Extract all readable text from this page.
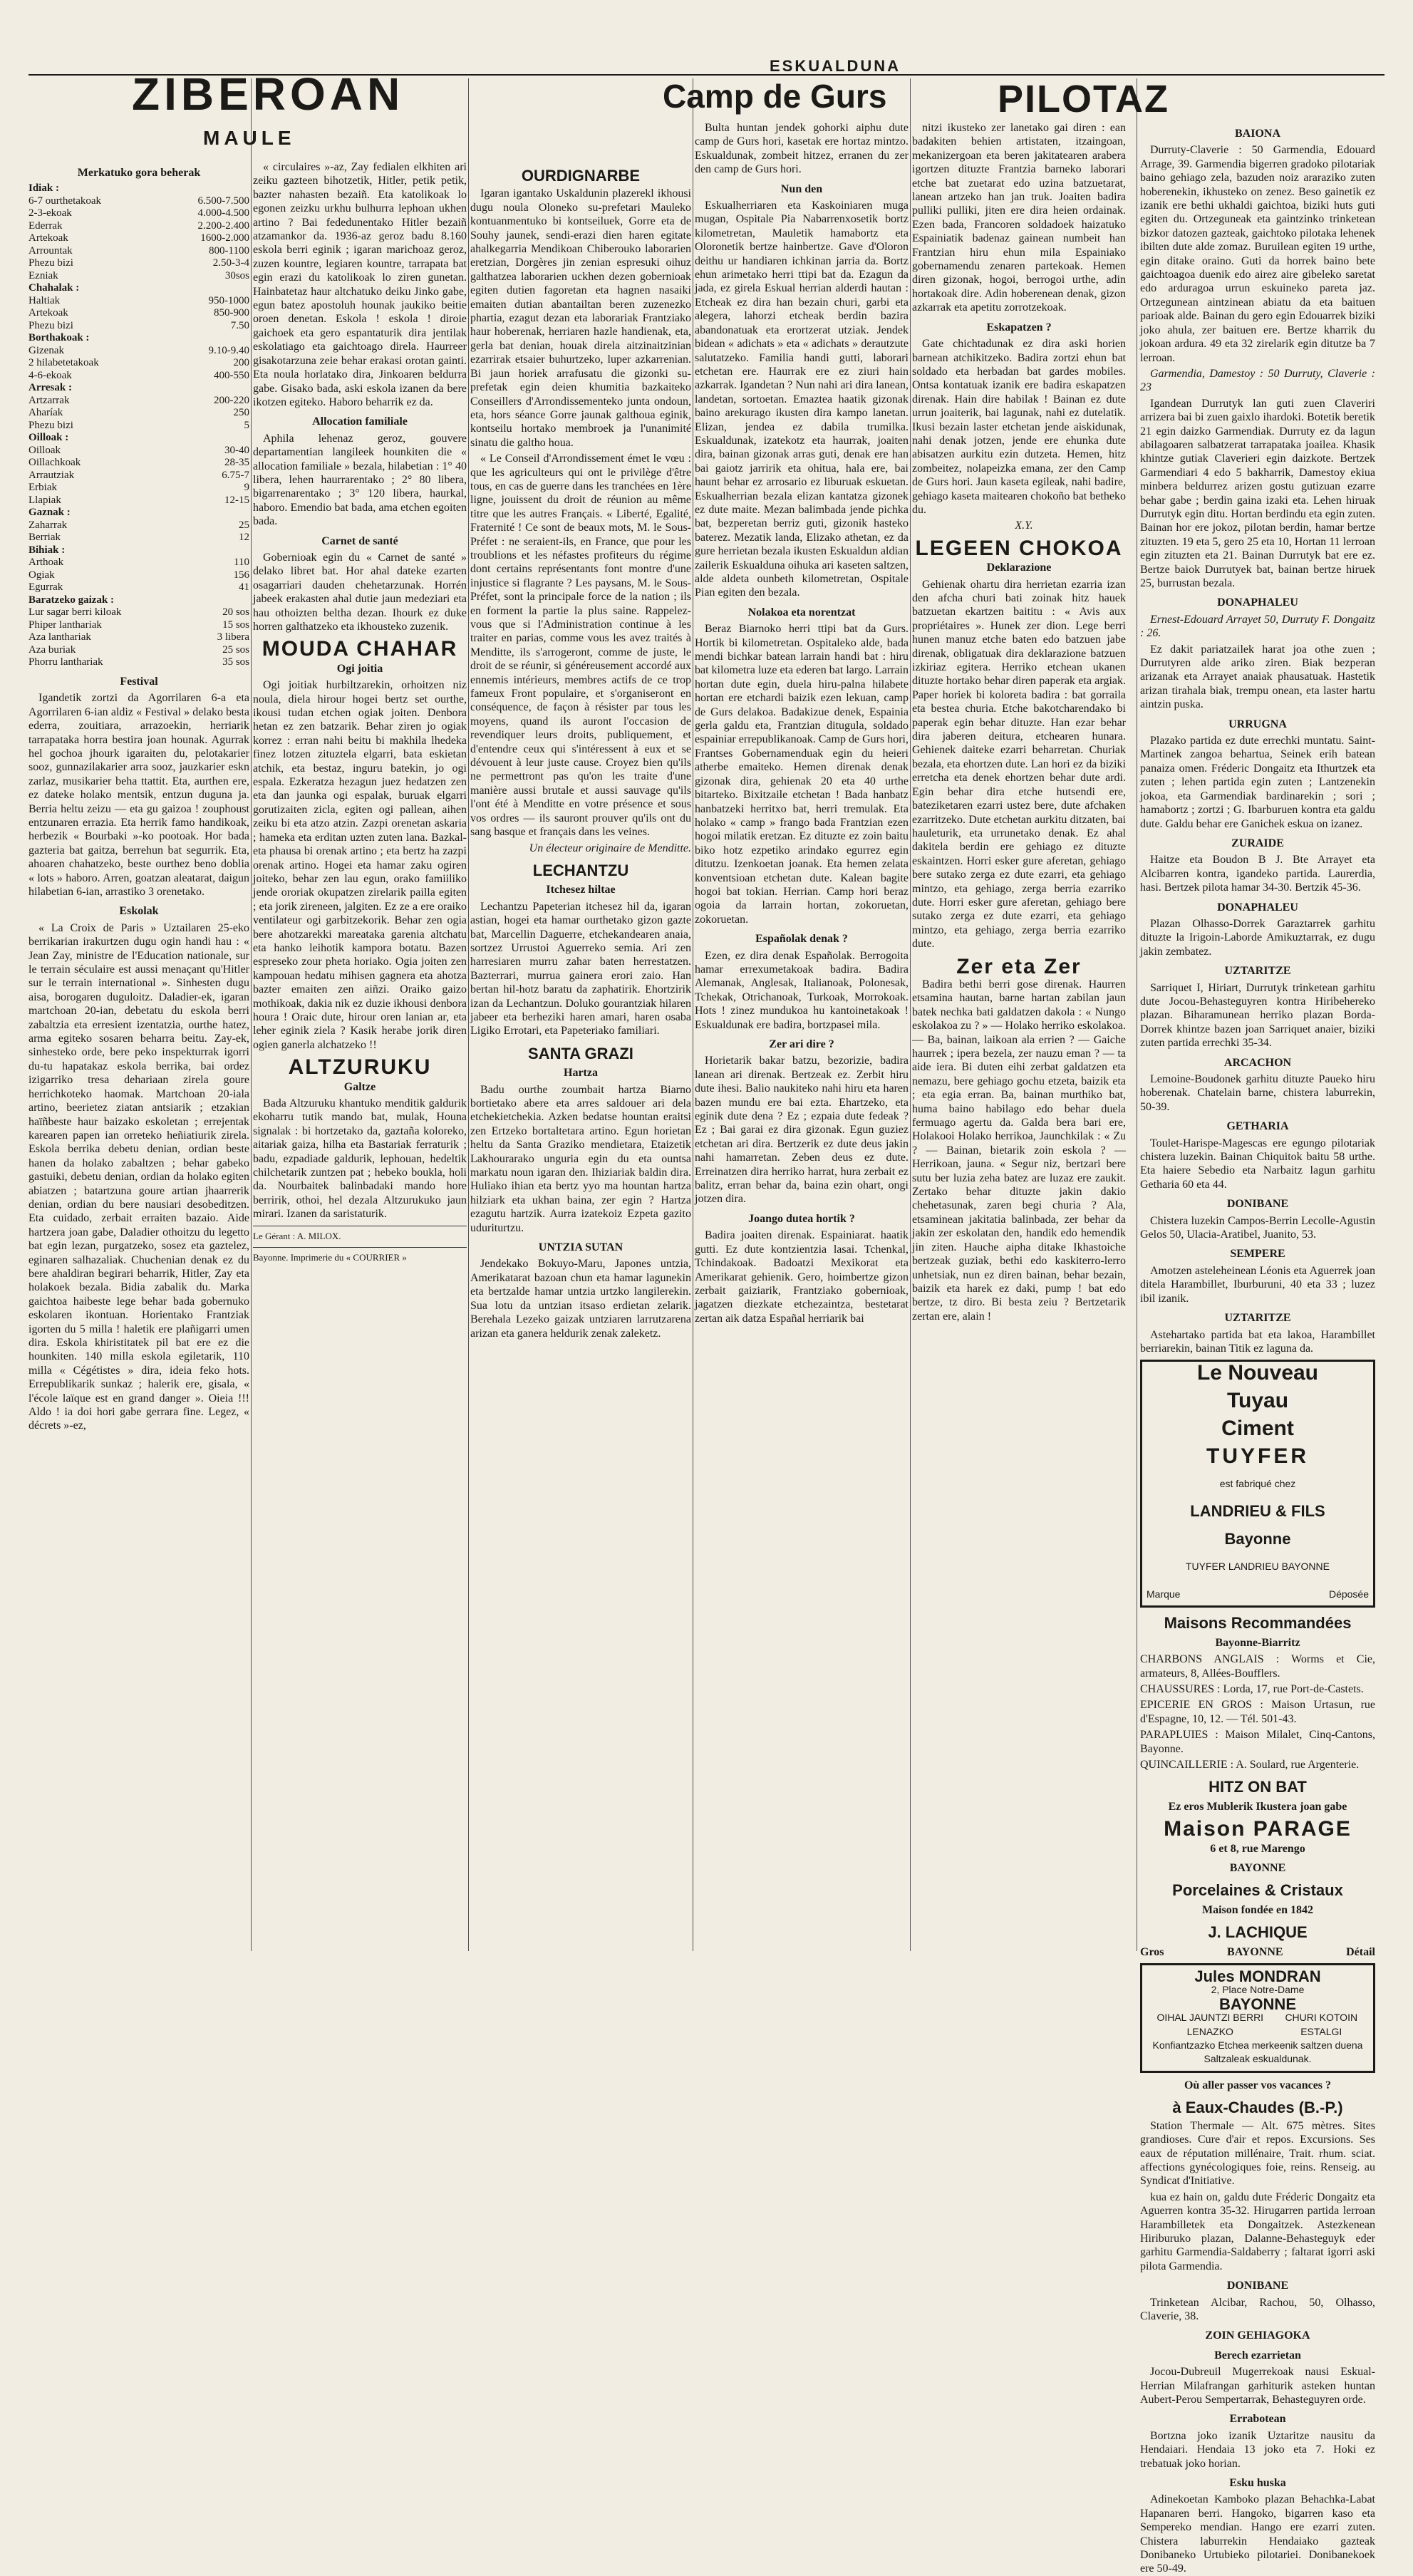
ESKUALDUNA
ZIBEROAN
MAULE
Camp de Gurs	PILOTAZ
Merkatuko gora beherak
Idiak :
6-7 ourthetakoak	6.500-7.500
2-3-ekoak	4.000-4.500
Ederrak	2.200-2.400
Artekoak	1600-2.000
Arrountak	800-1100
Phezu bizi	2.50-3-4
Ezniak	30sos
Chahalak :
Haltiak	950-1000
Artekoak	850-900
Phezu bizi	7.50
Borthakoak :
Gizenak	9.10-9.40
2 hilabetetakoak	200
4-6-ekoak	400-550
Arresak :
Artzarrak	200-220
Aharíak	250
Phezu bizi	5
Oilloak :
Oilloak	30-40
Oillachkoak	28-35
Arrautziak	6.75-7
Erbiak	9
Llapiak	12-15
Gaznak :
Zaharrak	25
Berriak	12
Bihiak :
Arthoak	110
Ogiak	156
Egurrak	41
Baratzeko gaizak :
Lur sagar berri kiloak	20 sos
Phiper lanthariak	15 sos
Aza lanthariak	3 libera
Aza buriak	25 sos
Phorru lanthariak	35 sos
Festival

Igandetik zortzi da Agorrilaren 6-a eta Agorrilaren 6-ian aldiz « Festival » delako besta ederra, zouitiara, arrazoekin, herriarik tarrapataka horra bestira joan hounak. Agurrak hel gochoa jhourk igaraiten du, pelotakarier sooz, gunnazilakarier arra sooz, jauzkarier eskn zarlaz, musikarier beha ttattit. Eta, aurthen ere, ez dateke holako mentsik, entzun duguna ja. Berria heltu zeizu — eta gu gaizoa ! zouphoust entzunaren errazia. Eta herrik famo handikoak, herbezik « Bourbaki »-ko pootoak. Hor bada gazteria bat gaitza, berrehun bat segurrik. Eta, ahoaren chahatzeko, beste ourthez beno doblia « lots » haboro. Arren, goatzan aleatarat, daigun hilabetian 6-ian, arrastiko 3 orenetako.

Eskolak

« La Croix de Paris » Uztailaren 25-eko berrikarian irakurtzen dugu ogin handi hau : « Jean Zay, ministre de l'Education nationale, sur le terrain séculaire est aussi menaçant qu'Hitler sur le terrain international ». Sinhesten dugu aisa, borogaren duguloitz. Daladier-ek, igaran martchoan 20-ian, debetatu du eskola berri zabaltzia eta erresient izentatzia, ourthe hatez, arma egiteko sosaren beharra beitu. Zay-ek, sinhesteko orde, bere peko inspekturrak igorri du-tu hapatakaz eskola berrika, bai ordez izigarriko tresa dehariaan zirela goure herrichkoteko haomak. Martchoan 20-iala artino, beerietez ziatan antsiarik ; etzakian haïñbeste haur baizako eskoletan ; errejentak karearen papen ian orreteko heñiatiurik zirela. Eskola berrika debetu denian, ordian beste hanen da holako zabaltzen ; behar gabeko gastuiki, debetu denian, ordian da holako egiten abiatzen ; batartzuna goure artian jhaarrerik denian, ordian du bere nausiari desobeditzen. Eta cuidado, zerbait erraiten bazaio. Aide hartzera joan gabe, Daladier othoitzu du legetto bat egin lezan, purgatzeko, sosez eta gaztelez, eginaren salhazaliak. Chuchenian denak ez du bere ahaldiran begirari beharrik, Hitler, Zay eta holakoek bezala. Bidia zabalik du. Marka gaichtoa haibeste lege behar bada gobernuko eskolaren ikontuan. Horientako Frantziak igorten du 5 milla ! haletik ere plañigarri umen dira. Eskola khiristitatek pil bat ere ez die hounkiten. 140 milla eskola egiletarik, 110 milla « Cégétistes » dira, ideia feko hots. Errepublikarik sunkaz ; halerik ere, gisala, « l'école laïque est en grand danger ». Oieia !!! Aldo ! ia doi hori gabe gerrara fine. Legez, « décrets »-ez,

« circulaires »-az, Zay fedialen elkhiten ari zeiku gazteen bihotzetik, Hitler, petik petik, bazter nahasten bezaiñ. Eta katolikoak lo egonen zeizku urkhu bulhurra lephoan ukhen artino ? Bai fededunentako Hitler bezaiñ atzamankor da. 1936-az geroz badu 8.160 eskola berri eginik ; igaran marichoaz geroz, zuzen kountre, legiaren kountre, tarrapata bat egin erazi du katolikoak lo ziren gunetan. Hainbatetaz haur altchatuko deiku Jinko gabe, egun batez apostoluh hounak jaukiko beitie oroen denetan. Eskola ! eskola ! diroie gaichoek eta gero espantaturik dira jentilak eskolatiago eta gaichtoago direla. Haurreer gisakotarzuna zeie behar erakasi orotan gainti. Eta noula horlatako dira, Jinkoaren beldurra gabe. Gisako bada, aski eskola izanen da bere ikotzen egiteko. Haboro beharrik ez da.

Allocation familiale

Aphila lehenaz geroz, gouvere departamentian langileek hounkiten die « allocation familiale » bezala, hilabetian : 1° 40 libera, lehen haurrarentako ; 2° 80 libera, bigarrenarentako ; 3° 120 libera, haurkal, haboro. Emendio bat bada, ama etchen egoiten bada.

Carnet de santé

Gobernioak egin du « Carnet de santé » delako libret bat. Hor ahal dateke ezarten osagarriari dauden chehetarzunak. Horrén jabeek erakasten ahal dutie jaun medeziari eta hau othoizten beltha dezan. Ihourk ez duke horren galthatzeko eta ikhousteko zuzenik.

MOUDA CHAHAR
Ogi joitia

Ogi joitiak hurbiltzarekin, orhoitzen niz noula, diela hirour hogei bertz set ourthe, ikousi tudan etchen ogiak joiten. Denbora hetan ez zen batzarik. Behar ziren jo ogiak korrez : erran nahi beitu bi makhila lhedeka finez lotzen zituztela elgarri, bata eskietan atchik, eta bestaz, inguru batekin, jo ogi espala. Ezkeratza hezagun juez hedatzen zen eta dan jaunka ogi espalak, buruak elgarri gorutizaiten zicla, egiten ogi pallean, aihen zeiku bi eta atzo atzin. Zazpi orenetan askaria ; hameka eta erditan uzten zuten lana. Bazkal-eta phausa bi orenak artino ; eta bertz ha zazpi orenak artino. Hogei eta hamar zaku ogiren joiteko, behar zen lau egun, orako famiiliko jende ororiak okupatzen zirelarik pailla egiten ; eta jorik zireneen, jalgiten. Ez ze a ere oraiko ventilateur ogi garbitzekorik. Behar zen ogia bere ahotzarekki mareataka garenia altchatu eta hanko leihotik kampora botatu. Bazen espreseko zour pheta horiako. Ogia joiten zen kampouan hedatu mihisen gagnera eta ahotza bazter emaiten zen aiñzi. Oraiko gaizo mothikoak, dakia nik ez duzie ikhousi denbora houra ! Oraic dute, hirour oren lanian ar, eta leher eginik ziela ? Kasik herabe jorik diren ogien ganerla alchatzeko !!

ALTZURUKU
Galtze

Bada Altzuruku khantuko menditik galdurik ekoharru tutik mando bat, mulak, Houna signalak : bi hortzetako da, gaztaña koloreko, aitariak gaiza, hilha eta Bastariak ferraturik ; badu, ezpadiade galdurik, lephouan, hedeltik chilchetarik zuntzen pat ; hebeko boukla, holi da. Nourbaitek balinbadaki mando hore berririk, othoi, hel dezala Altzurukuko jaun mirari. Izanen da saristaturik.

Le Gérant : A. MILOX.
Bayonne. Imprimerie du « COURRIER »
OURDIGNARBE

Igaran igantako Uskaldunin plazerekl ikhousi dugu noula Oloneko su-prefetari Mauleko kontuanmentuko bi kontseiluek, Gorre eta de Souhy jaunek, sendi-erazi dien haren egitate ahalkegarria Mendikoan Chiberouko laborarien eretzian, Dorgères jin zenian espresuki oihuz galthatzea laborarien uckhen dezen gobernioak egiten dutien fagoretan eta hagnen nasaiki emaiten dutian abantailtan beren zuzenezko phartia, ezagut dezan eta laborariak Frantziako haur hoberenak, herriaren hazle handienak, eta, gerla bat denian, houak direla aitzinaitzinian ezarrirak etsaier buhurtzeko, luper azkarrenian. Bi jaun horiek arrafusatu die gizonki su-prefetak egin deien khumitia bazkaiteko Conseillers d'Arrondissementeko junta ondoun, eta, hors séance Gorre jaunak galthoua eginik, kontseilu hortako membroek ja l'unanimité sinatu die galtho houa.

« Le Conseil d'Arrondissement émet le vœu : que les agriculteurs qui ont le privilège d'être tous, en cas de guerre dans les tranchées en 1ère ligne, jouissent du droit de réunion au même titre que les autres Français. « Liberté, Egalité, Fraternité ! Ce sont de beaux mots, M. le Sous-Préfet : ne seraient-ils, en France, que pour les troublions et les néfastes profiteurs du régime dont certains représentants font montre d'une injustice si flagrante ? Les paysans, M. le Sous-Préfet, sont la principale force de la nation ; ils en forment la partie la plus saine. Rappelez-vous que si l'Administration continue à les traiter en parias, comme vous les avez traités à Menditte, ils s'arrogeront, comme de juste, le droit de se réunir, si généreusement accordé aux ennemis intérieurs, membres actifs de ce trop fameux Front populaire, et s'organiseront en conséquence, de façon à résister par tous les moyens, quand ils auront l'occasion de revendiquer leurs droits, publiquement, et d'entendre ceux qui s'intéressent à eux et se dévouent à leur juste cause. Croyez bien qu'ils ne permettront pas qu'on les traite d'une manière aussi brutale et aussi sauvage qu'ils l'ont été à Menditte en votre présence et sous vos ordres — ils sauront prouver qu'ils ont du sang basque et français dans les veines.

Un électeur originaire de Menditte.

LECHANTZU
Itchesez hiltae

Lechantzu Papeterian itchesez hil da, igaran astian, hogei eta hamar ourthetako gizon gazte bat, Marcellin Daguerre, etchekandearen anaia, sortzez Urrustoi Aguerreko semia. Ari zen harresiaren murru zahar baten herrestatzen. Bazterrari, murrua gainera erori zaio. Han bertan hil-hotz baratu da zaphatirik. Ehortzirik izan da Lechantzun. Doluko gourantziak hilaren jabeer eta berheziki haren amari, haren osaba Ligiko Errotari, eta Papeteriako familiari.

SANTA GRAZI
Hartza

Badu ourthe zoumbait hartza Biarno bortietako abere eta arres saldouer ari dela etchekietchekia. Azken bedatse hountan eraitsi zen Ertzeko bortaltetara artino. Egun horietan heltu da Santa Graziko mendietara, Etaizetik Lakhourarako unguria egin du eta ountsa markatu noun igaran den. Ihiziariak baldin dira. Huliako ihian eta bertz yyo ma hountan hartza hilziark eta ukhan baina, zer egin ? Hartza ezagutu hartzik. Aurra izatekoiz Ezpeta gazito uduriturtzu.

UNTZIA SUTAN

Jendekako Bokuyo-Maru, Japones untzia, Amerikatarat bazoan chun eta hamar lagunekin eta bertzalde hamar untzia urtzko langilerekin. Sua lotu da untzian itsaso erdietan zelarik. Berehala Lezeko gaizak untziaren larrutzarena arizan eta ganera heldurik zenak zaleketz.

Bulta huntan jendek gohorki aiphu dute camp de Gurs hori, kasetak ere hortaz mintzo. Eskualdunak, zombeit hitzez, erranen du zer den camp de Gurs hori.

Nun den

Eskualherriaren eta Kaskoiniaren muga mugan, Ospitale Pia Nabarrenxosetik bortz kilometretan, Mauletik hamabortz eta Oloronetik bertze hainbertze. Gave d'Oloron deithu ur handiaren ichkinan jarria da. Bortz ehun arimetako herri ttipi bat da. Ezagun da jada, ez girela Eskual herrian alderdi hautan : Etcheak ez dira han bezain churi, garbi eta alegera, lahorzi etcheak berdin bazira abandonatuak eta erortzerat utziak. Jendek bidean « adichats » eta « adichats » derautzute salutatzeko. Familia handi gutti, laborari etchetan ere. Haurrak ere ez ziuri hain azkarrak. Igandetan ? Nun nahi ari dira lanean, landetan, sortoetan. Emaztea haatik gizonak baino arekurago ikusten dira kampo lanetan. Elizan, jendea ez dabila trumilka. Eskualdunak, izatekotz eta haurrak, joaiten dira, bainan gizonak arras guti, denak ere han bai gaiotz jarririk eta ohitua, hala ere, bai haunt behar ez arrosario ez liburuak eskuetan. Eskualherrian bezala elizan kantatza gizonek ez dute maite. Mezan balimbada jende pichka bat, bezperetan berriz guti, gizonik hasteko baterez. Mezatik landa, Elizako athetan, ez da gure herrietan bezala ikusten Eskualdun aldian zailerik Eskualduna oihuka ari kaseten saltzen, alde aldeta ounbeth kilometretan, Ospitale Pian egiten den bezala.

Nolakoa eta norentzat

Beraz Biarnoko herri ttipi bat da Gurs. Hortik bi kilometretan. Ospitaleko alde, bada mendi bichkar batean larrain handi bat : hiru bat kilometra luze eta ederen bat largo. Larrain hortan dute egin, duela hiru-palna hilabete hortan ere etchardi baizik ezen lekuan, camp de Gurs delakoa. Badakizue denek, Espainia gerla galdu eta, Frantzian ditugula, soldado espainiar errepublikanoak. Camp de Gurs hori, Frantses Gobernamenduak egin du heieri atherbe emaiteko. Hemen direnak denak gizonak dira, gehienak 20 eta 40 urthe bitarteko. Bixitzaile etchetan ! Bada hanbatz hanbatzeki herritxo bat, herri tremulak. Eta holako « camp » frango bada Frantzian ezen hogoi milatik eretzan. Ez dituzte ez zoin baitu biko hotz ezpetiko arindako egurrez egin ditutzu. Izenkoetan joanak. Eta hemen zelata konventsioan etchetan dute. Kalean bagite hogoi bat tokian. Herrian. Camp hori beraz ogoia da larrain hortan, zokoruetan, zokoruetan.

Españolak denak ?

Ezen, ez dira denak Españolak. Berrogoita hamar errexumetakoak badira. Badira Alemanak, Anglesak, Italianoak, Polonesak, Tchekak, Otrichanoak, Turkoak, Morrokoak. Hots ! zinez mundukoa hu kantoinetakoak ! Eskualdunak ere badira, bortzpasei mila.

Zer ari dire ?

Horietarik bakar batzu, bezorizie, badira lanean ari direnak. Bertzeak ez. Zerbit hiru dute ihesi. Balio naukiteko nahi hiru eta haren bazen mundu ere bai ezta. Ehartzeko, eta eginik dute dena ? Ez ; ezpaia dute fedeak ? Ez ; Bai garai ez dira gizonak. Egun guziez etchetan ari dira. Bertzerik ez dute deus jakin nahi hamarretan. Zeben deus ez dute. Erreinatzen dira herriko harrat, hura zerbait ez balitz, erran behar da, baina ezin ohart, ongi jotzen dira.

Joango dutea hortik ?

Badira joaiten direnak. Espainiarat. haatik gutti. Ez dute kontzientzia lasai. Tchenkal, Tchindakoak. Badoatzi Mexikorat eta Amerikarat gehienik. Gero, hoimbertze gizon zerbait gaiziarik, Frantziako gobernioak, jagatzen diezkate etchezaintza, bestetarat zertan aik datza Españal herriarik bai

nitzi ikusteko zer lanetako gai diren : ean badakiten behien artistaten, itzaingoan, mekanizergoan eta beren jakitatearen arabera igortzen dituzte Frantzia barneko laborari etche bat zuetarat edo uzina batzuetarat, lanean artzeko han jan truk. Joaiten badira pulliki pulliki, jiten ere dira heien ordainak. Ezen bada, Francoren soldadoek haizatuko Espainiatik badenaz gainean numbeit han Frantzian hiru ehun mila Espainiako gobernamendu zenaren partekoak. Hemen diren gizonak, hogoi, berrogoi urthe, adin hortakoak dire. Adin hoberenean denak, gizon azkarrak eta apetitu zorrotzekoak.

Eskapatzen ?

Gate chichtadunak ez dira aski horien barnean atchikitzeko. Badira zortzi ehun bat soldado eta herbadan bat gardes mobiles. Ontsa kontatuak izanik ere badira eskapatzen direnak. Hain dire habilak ! Bainan ez dute urrun joaiterik, bai lagunak, nahi ez dutelatik. Ikusi bezain laster etchetan jende aiskidunak, nahi denak jotzen, jende ere ehunka dute abisatzen aurkitu ezin dutzeta. Hemen, hitz zombeitez, nolapeizka emana, zer den Camp de Gurs hori. Jaun kaseta egileak, nahi badire, gehiago kaseta maitearen chokoño bat betheko du.

X.Y.

LEGEEN CHOKOA
Deklarazione

Gehienak ohartu dira herrietan ezarria izan den afcha churi bati zoinak hitz hauek batzuetan ekartzen baititu : « Avis aux propriétaires ». Hunek zer dion. Lege berri hunen manuz etche baten edo batzuen jabe direnak, obligatuak dira deklarazione batzuen izkiriaz egitera. Herriko etchean ukanen dituzte hortako behar diren paperak eta argiak. Paper horiek bi koloreta badira : bat gorraila eta bestea churia. Etche bakotcharendako bi paperak egin behar dituzte. Han ezar behar dira jaberen deitura, etchearen hunara. Gehienek daiteke ezarri beharretan. Churiak bezala, eta ehortzen dute. Lan hori ez da biziki erretcha eta denek ehortzen behar dute ardi. Egin behar dira etche hutsendi ere, bateziketaren ezarri ustez bere, dute afchaken ezarritzeko. Dute etchetan aurkitu ditzaten, bai hauleturik, eta urrunetako denak. Ez ahal dakitela berdin ere gehiago ez dituzte eskaintzen. Horri esker gure aferetan, gehiago bere sutako zerga ez dute ezarri, eta gehiago mintzo, eta gehiago, zerga berria ezarriko dute. Horri esker gure aferetan, gehiago bere sutako zerga ez dute ezarri, eta gehiago mintzo, eta gehiago, zerga berria ezarriko dute.

Zer eta Zer

Badira bethi berri gose direnak. Haurren etsamina hautan, barne hartan zabilan jaun batek nechka bati galdatzen dakola : « Nungo eskolakoa zu ? » — Holako herriko eskolakoa. — Ba, bainan, laikoan ala errien ? — Gaiche haurrek ; ipera bezela, zer nauzu eman ? — ta aide iera. Bi duten eihi zerbat galdatzen eta nemazu, bere gehiago gochu etzeta, baizik eta ; eta egia erran. Ba, bainan murthiko bat, huma baino habilago edo behar duela fermuago agertu da. Galda bera bari ere, Holakooi Holako herrikoa, Jaunchkilak : « Zu ? — Bainan, bietarik zoin eskola ? — Herrikoan, jauna. « Segur niz, bertzari bere sutu ber luzia zeha batez are luzaz ere zaukit. Zertako behar dituzte jakin dakio chehetasunak, zaren begi churia ? Ala, etsaminean jakitatia balinbada, zer behar da jakin zer eskolatan den, handik edo hemendik jin ziten. Hauche aipha ditake Ikhastoiche bertzeak guziak, bethi edo kaskiterro-lerro unhetsiak, nun ez diren bainan, behar bezain, baizik eta harek ez daki, pump ! bat edo bertze, tz diro. Bi besta zeiu ? Bertzetarik zertan ere, alain !

BAIONA

Durruty-Claverie : 50 Garmendia, Edouard Arrage, 39. Garmendia bigerren gradoko pilotariak baino gehiago zela, bazuden noiz araraziko zuten hoberenekin, ikhusteko on zenez. Beso gainetik ez izanik ere bethi ukhaldi gaichtoa, biziki huts guti egiten du. Ortzeguneak eta gaintzinko trinketean bizkor datozen gazteak, gaichtoko pilotaka lehenek ibilten dute alde zomaz. Buruilean egiten 19 urthe, egin ditake oraino. Guti da horrek baino bete gaichtoagoa duenik edo airez aire gibeleko saretat edo arduragoa urrun eskuineko pareta jaz. Ortzegunean aintzinean abiatu da eta baituen parioak alde. Bainan du gero egin Edouarrek biziki joko ahula, zer baituen ere. Bertze kharrik du jokoan ardura. 49 eta 32 zirelarik egin ditutze ba 7 lerroan.

Garmendia, Damestoy : 50 Durruty, Claverie : 23

Igandean Durrutyk lan guti zuen Claveriri arrizera bai bi zuen gaixlo ihardoki. Botetik beretik 21 egin daizko Garmendiak. Durruty ez da lagun abilagoaren salbatzerat tarrapataka joailea. Khasik khintze gutiak Claverieri egin daizkote. Bertzek Garmendiari 4 edo 5 bakharrik, Damestoy ekiua minbera beldurrez arizen gostu gutizuan ezarre behar gabe ; berdin gaina izaki eta. Lehen hiruak Durrutyk egin ditu. Hortan berdindu eta egin zuten. Bainan hor ere jokoz, pilotan berdin, hamar bertze zituzten. 19 eta 5, gero 25 eta 10, Hortan 11 lerroan egin zituzten eta 21. Bainan Durrutyk bat ere ez. Bertze baiok Durrutyek bat, bainan bertze hiruek 25, burrustan bezala.

DONAPHALEU

Ernest-Edouard Arrayet 50, Durruty F. Dongaitz : 26.

Ez dakit pariatzailek harat joa othe zuen ; Durrutyren alde ariko ziren. Biak bezperan arizanak eta Arrayet anaiak phausatuak. Hastetik arizan tirahala biak, trempu onean, eta laster hartu aintzin puska.

URRUGNA

Plazako partida ez dute errechki muntatu. Saint-Martinek zangoa behartua, Seinek erih batean panaiza omen. Fréderic Dongaitz eta Ithurtzek eta zuten ; lehen partida egin zuten ; Lantzenekin jokoa, eta Garmendiak bardinarekin ; sori ; hamabortz ; zortzi ; G. Ibarburuen kontra eta galdu dute. Galdu behar ere Ganichek eskua on izanez.

ZURAIDE

Haitze eta Boudon B J. Bte Arrayet eta Alcibarren kontra, igandeko partida. Laurerdia, hasi. Bertzek pilota hamar 34-30. Bertzik 45-36.

DONAPHALEU

Plazan Olhasso-Dorrek Garaztarrek garhitu dituzte la Irigoin-Laborde Amikuztarrak, ez dugu jakin zembatez.

UZTARITZE

Sarriquet I, Hiriart, Durrutyk trinketean garhitu dute Jocou-Behasteguyren kontra Hiribehereko plazan. Biharamunean herriko plazan Borda-Dorrek khintze bazen joan Sarriquet anaier, biziki zuten partida errechki 35-34.

ARCACHON

Lemoine-Boudonek garhitu dituzte Paueko hiru hoberenak. Chatelain barne, chistera laburrekin, 50-39.

GETHARIA

Toulet-Harispe-Magescas ere egungo pilotariak chistera luzekin. Bainan Chiquitok baitu 58 urthe. Eta haiere Sebedio eta Narbaitz lagun garhitu Getharia 60 eta 44.

DONIBANE

Chistera luzekin Campos-Berrin Lecolle-Agustin Gelos 50, Ulacia-Aratibel, Juanito, 53.

SEMPERE

Amotzen asteleheinean Léonis eta Aguerrek joan ditela Harambillet, Iburburuni, 40 eta 33 ; luzez ibil izanik.

UZTARITZE

Astehartako partida bat eta lakoa, Harambillet berriarekin, bainan Titik ez laguna da.

Le Nouveau
Tuyau
Ciment
TUYFER
est fabriqué chez
LANDRIEU & FILS
Bayonne
TUYFER LANDRIEU BAYONNE
Marque	Déposée
Maisons Recommandées
Bayonne-Biarritz

CHARBONS ANGLAIS : Worms et Cie, armateurs, 8, Allées-Boufflers.

CHAUSSURES : Lorda, 17, rue Port-de-Castets.

EPICERIE EN GROS : Maison Urtasun, rue d'Espagne, 10, 12. — Tél. 501-43.

PARAPLUIES : Maison Milalet, Cinq-Cantons, Bayonne.

QUINCAILLERIE : A. Soulard, rue Argenterie.

HITZ ON BAT
Ez eros Mublerik Ikustera joan gabe
Maison PARAGE
6 et 8, rue Marengo
BAYONNE
Porcelaines & Cristaux
Maison fondée en 1842
J. LACHIQUE
Gros	BAYONNE	Détail
Jules MONDRAN
2, Place Notre-Dame
BAYONNE
OIHAL JAUNTZI BERRI LENAZKO
CHURI KOTOIN ESTALGI
Konfiantzazko Etchea merkeenik saltzen duena Saltzaleak eskualdunak.
Où aller passer vos vacances ?
à Eaux-Chaudes (B.-P.)

Station Thermale — Alt. 675 mètres. Sites grandioses. Cure d'air et repos. Excursions. Ses eaux de réputation millénaire, Trait. rhum. sciat. affections gynécologiques foie, reins. Renseig. au Syndicat d'Initiative.

kua ez hain on, galdu dute Fréderic Dongaitz eta Aguerren kontra 35-32. Hirugarren partida lerroan Harambilletek eta Dongaitzek. Astezkenean Hiriburuko plazan, Dalanne-Behasteguyk eder garhitu Garmendia-Saldaberry ; faltarat igorri aski pilota Garmendia.

DONIBANE

Trinketean Alcibar, Rachou, 50, Olhasso, Claverie, 38.

ZOIN GEHIAGOKA
Berech ezarrietan

Jocou-Dubreuil Mugerrekoak nausi Eskual-Herrian Milafrangan garhiturik asteken huntan Aubert-Perou Sempertarrak, Behasteguyren orde.

Errabotean

Bortzna joko izanik Uztaritze nausitu da Hendaiari. Hendaia 13 joko eta 7. Hoki ez trebatuak joko horian.

Esku huska

Adinekoetan Kamboko plazan Behachka-Labat Hapanaren berri. Hangoko, bigarren kaso eta Sempereko mendian. Hango ere ezarri zuten. Chistera laburrekin Hendaiako gazteak Donibaneko Urtubieko pilotariei. Donibanekoek ere 50-49.
